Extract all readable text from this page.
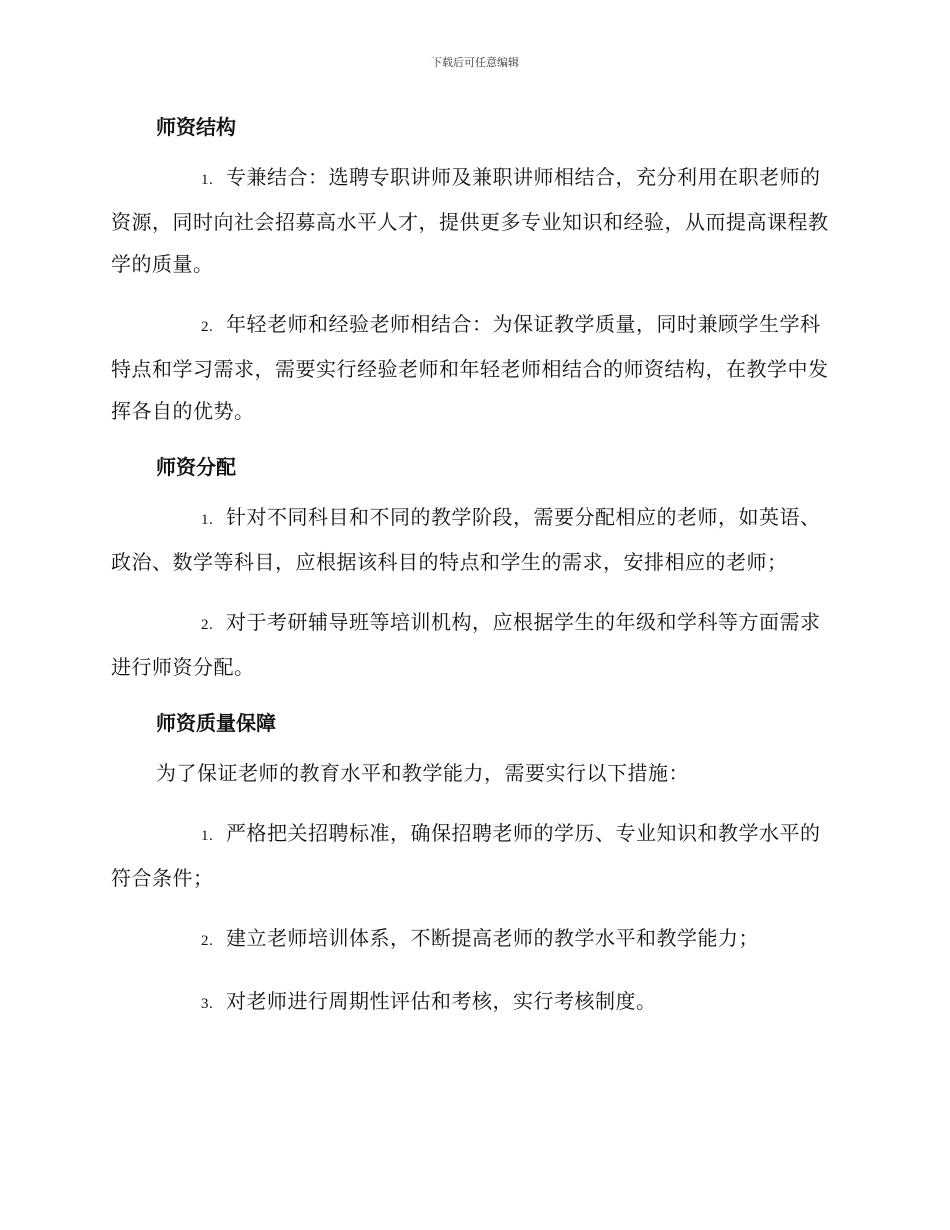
下载后可任意编辑
师资结构

1. 专兼结合：选聘专职讲师及兼职讲师相结合，充分利用在职老师的资源，同时向社会招募高水平人才，提供更多专业知识和经验，从而提高课程教学的质量。

2. 年轻老师和经验老师相结合：为保证教学质量，同时兼顾学生学科特点和学习需求，需要实行经验老师和年轻老师相结合的师资结构，在教学中发挥各自的优势。

师资分配

1. 针对不同科目和不同的教学阶段，需要分配相应的老师，如英语、政治、数学等科目，应根据该科目的特点和学生的需求，安排相应的老师；

2. 对于考研辅导班等培训机构，应根据学生的年级和学科等方面需求进行师资分配。

师资质量保障

为了保证老师的教育水平和教学能力，需要实行以下措施：

1. 严格把关招聘标准，确保招聘老师的学历、专业知识和教学水平的符合条件；

2. 建立老师培训体系，不断提高老师的教学水平和教学能力；

3. 对老师进行周期性评估和考核，实行考核制度。
